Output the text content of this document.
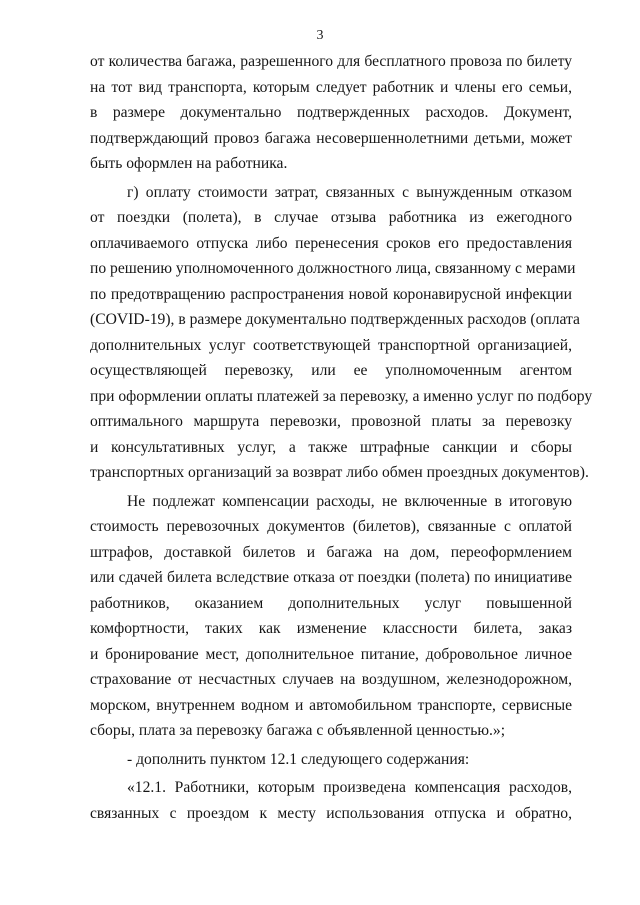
3
от количества багажа, разрешенного для бесплатного провоза по билету
на тот вид транспорта, которым следует работник и члены его семьи,
в размере документально подтвержденных расходов. Документ,
подтверждающий провоз багажа несовершеннолетними детьми, может
быть оформлен на работника.
г) оплату стоимости затрат, связанных с вынужденным отказом
от поездки (полета), в случае отзыва работника из ежегодного
оплачиваемого отпуска либо перенесения сроков его предоставления
по решению уполномоченного должностного лица, связанному с мерами
по предотвращению распространения новой коронавирусной инфекции
(COVID-19), в размере документально подтвержденных расходов (оплата
дополнительных услуг соответствующей транспортной организацией,
осуществляющей перевозку, или ее уполномоченным агентом
при оформлении оплаты платежей за перевозку, а именно услуг по подбору
оптимального маршрута перевозки, провозной платы за перевозку
и консультативных услуг, а также штрафные санкции и сборы
транспортных организаций за возврат либо обмен проездных документов).
Не подлежат компенсации расходы, не включенные в итоговую
стоимость перевозочных документов (билетов), связанные с оплатой
штрафов, доставкой билетов и багажа на дом, переоформлением
или сдачей билета вследствие отказа от поездки (полета) по инициативе
работников, оказанием дополнительных услуг повышенной
комфортности, таких как изменение классности билета, заказ
и бронирование мест, дополнительное питание, добровольное личное
страхование от несчастных случаев на воздушном, железнодорожном,
морском, внутреннем водном и автомобильном транспорте, сервисные
сборы, плата за перевозку багажа с объявленной ценностью.»;
- дополнить пунктом 12.1 следующего содержания:
«12.1. Работники, которым произведена компенсация расходов,
связанных с проездом к месту использования отпуска и обратно,
